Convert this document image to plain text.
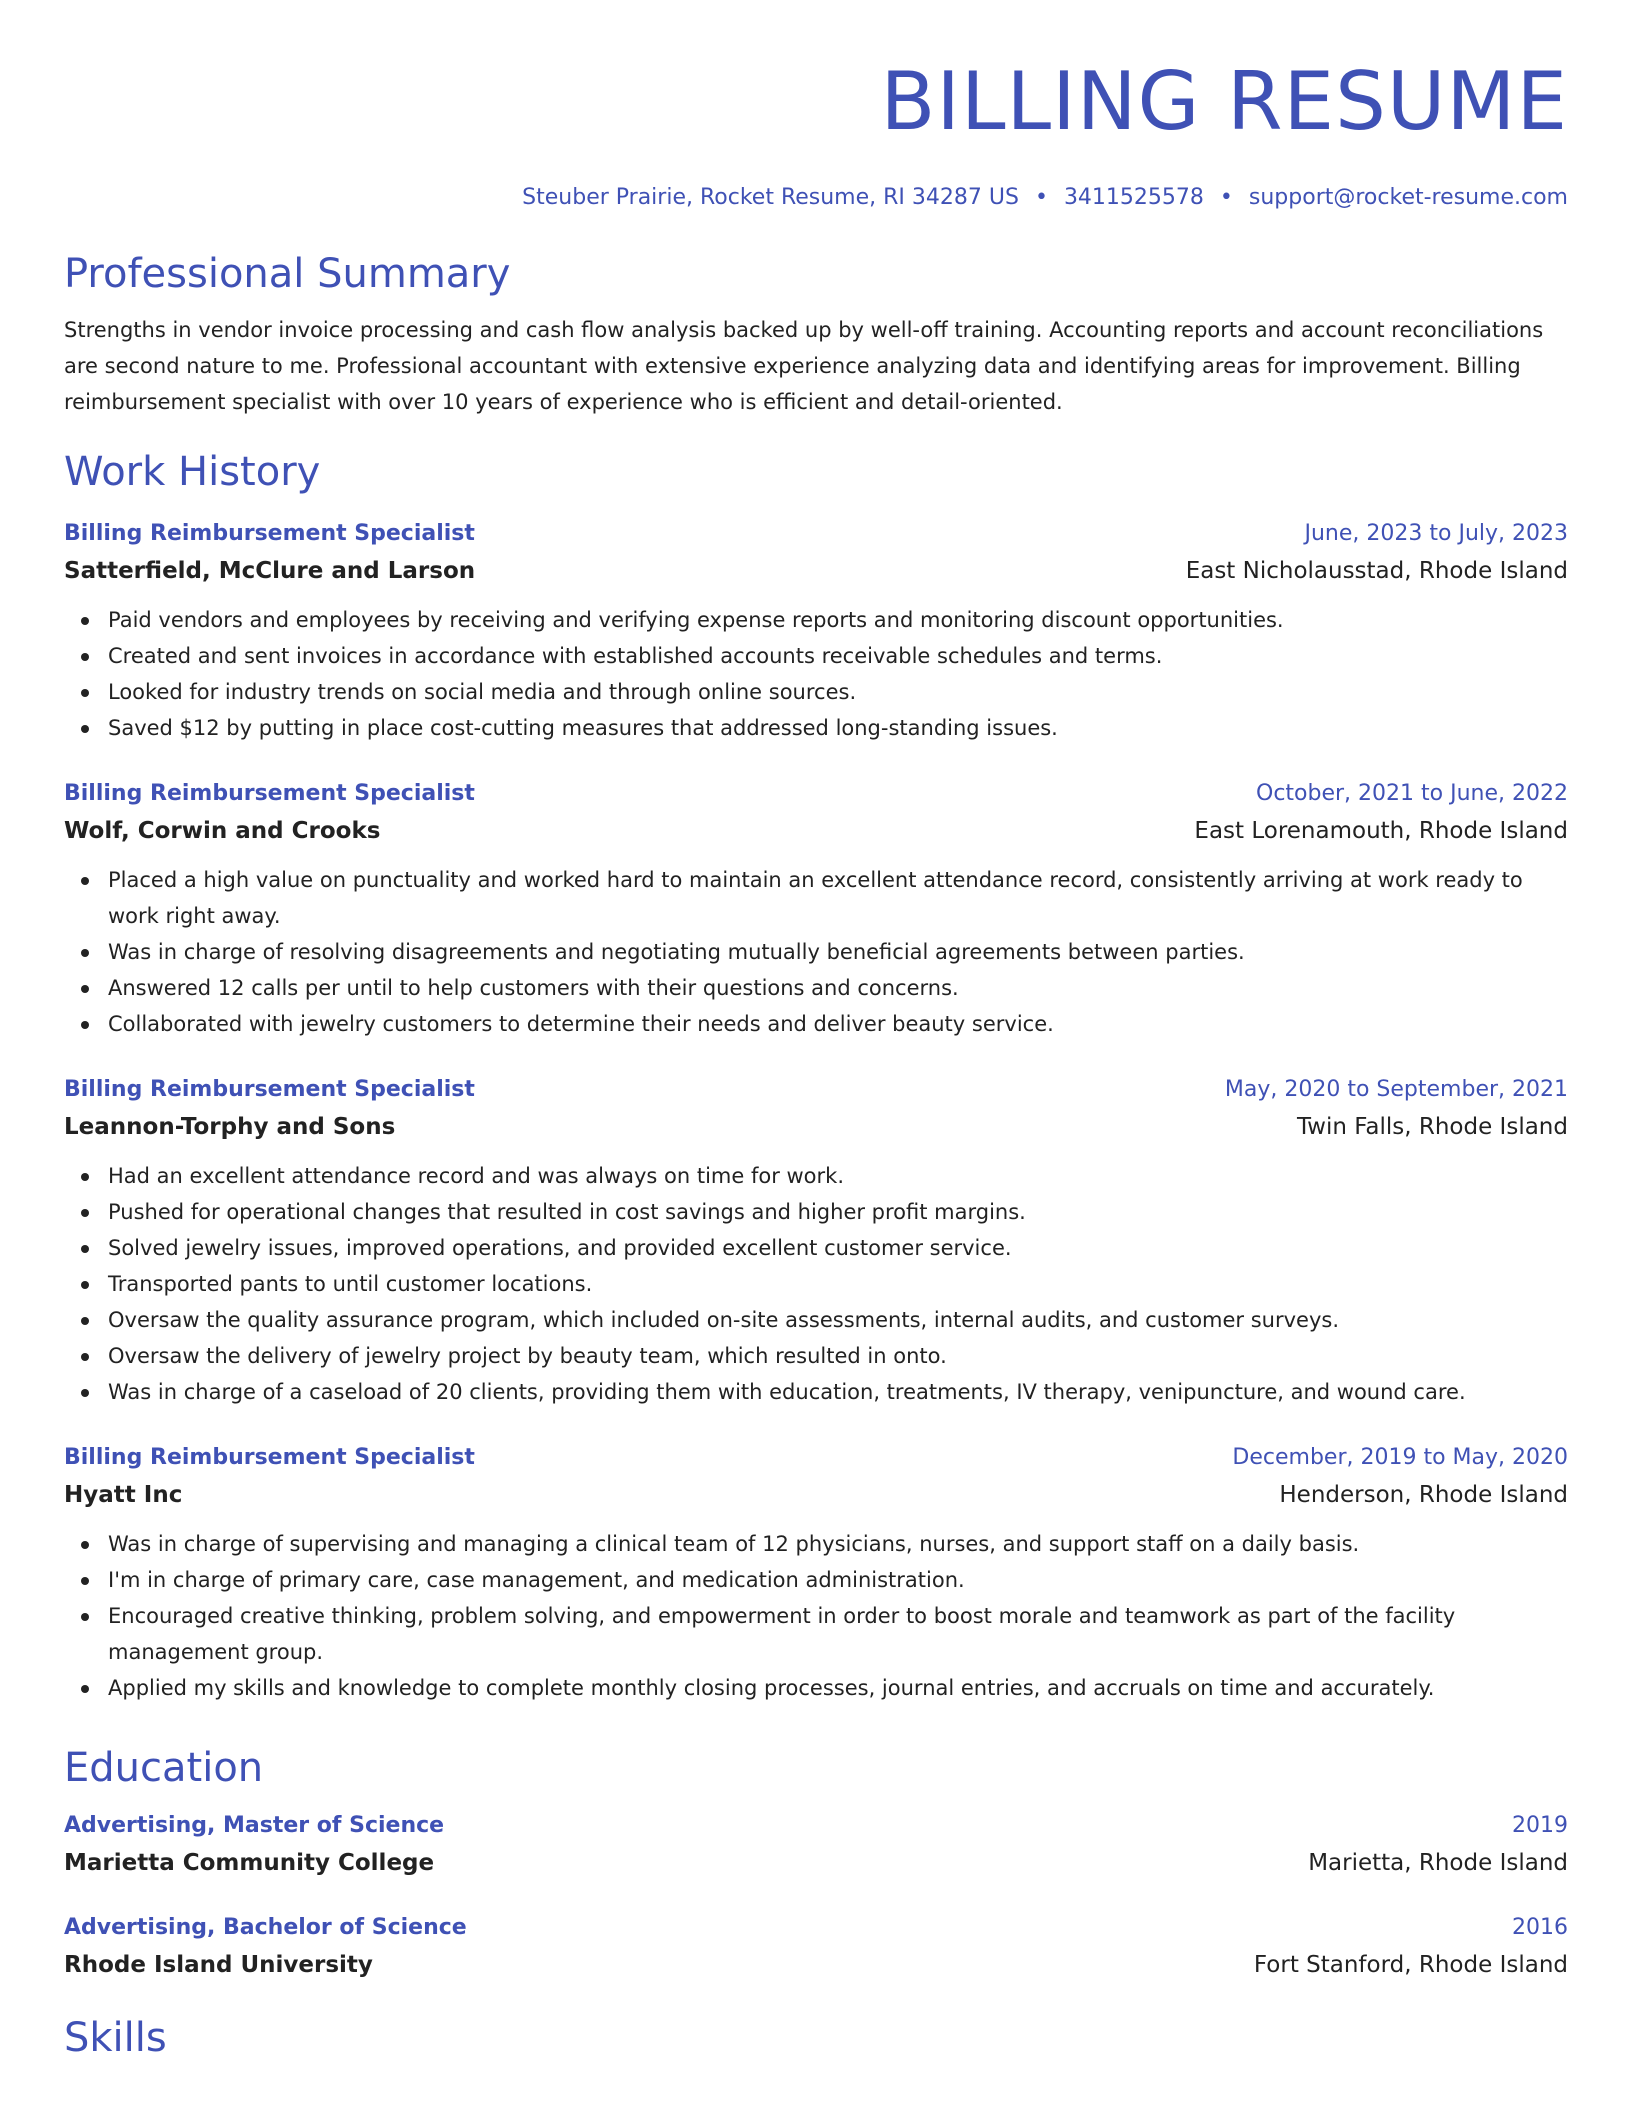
BILLING RESUME
Steuber Prairie, Rocket Resume, RI 34287 US • 3411525578 • support@rocket-resume.com
Professional Summary

Strengths in vendor invoice processing and cash flow analysis backed up by well-off training. Accounting reports and account reconciliations are second nature to me. Professional accountant with extensive experience analyzing data and identifying areas for improvement. Billing reimbursement specialist with over 10 years of experience who is efficient and detail-oriented.

Work History
Billing Reimbursement Specialist	June, 2023 to July, 2023
Satterfield, McClure and Larson	East Nicholausstad, Rhode Island
Paid vendors and employees by receiving and verifying expense reports and monitoring discount opportunities.
Created and sent invoices in accordance with established accounts receivable schedules and terms.
Looked for industry trends on social media and through online sources.
Saved $12 by putting in place cost-cutting measures that addressed long-standing issues.
Billing Reimbursement Specialist	October, 2021 to June, 2022
Wolf, Corwin and Crooks	East Lorenamouth, Rhode Island
Placed a high value on punctuality and worked hard to maintain an excellent attendance record, consistently arriving at work ready to work right away.
Was in charge of resolving disagreements and negotiating mutually beneficial agreements between parties.
Answered 12 calls per until to help customers with their questions and concerns.
Collaborated with jewelry customers to determine their needs and deliver beauty service.
Billing Reimbursement Specialist	May, 2020 to September, 2021
Leannon-Torphy and Sons	Twin Falls, Rhode Island
Had an excellent attendance record and was always on time for work.
Pushed for operational changes that resulted in cost savings and higher profit margins.
Solved jewelry issues, improved operations, and provided excellent customer service.
Transported pants to until customer locations.
Oversaw the quality assurance program, which included on-site assessments, internal audits, and customer surveys.
Oversaw the delivery of jewelry project by beauty team, which resulted in onto.
Was in charge of a caseload of 20 clients, providing them with education, treatments, IV therapy, venipuncture, and wound care.
Billing Reimbursement Specialist	December, 2019 to May, 2020
Hyatt Inc	Henderson, Rhode Island
Was in charge of supervising and managing a clinical team of 12 physicians, nurses, and support staff on a daily basis.
I'm in charge of primary care, case management, and medication administration.
Encouraged creative thinking, problem solving, and empowerment in order to boost morale and teamwork as part of the facility management group.
Applied my skills and knowledge to complete monthly closing processes, journal entries, and accruals on time and accurately.
Education
Advertising, Master of Science	2019
Marietta Community College	Marietta, Rhode Island
Advertising, Bachelor of Science	2016
Rhode Island University	Fort Stanford, Rhode Island
Skills
